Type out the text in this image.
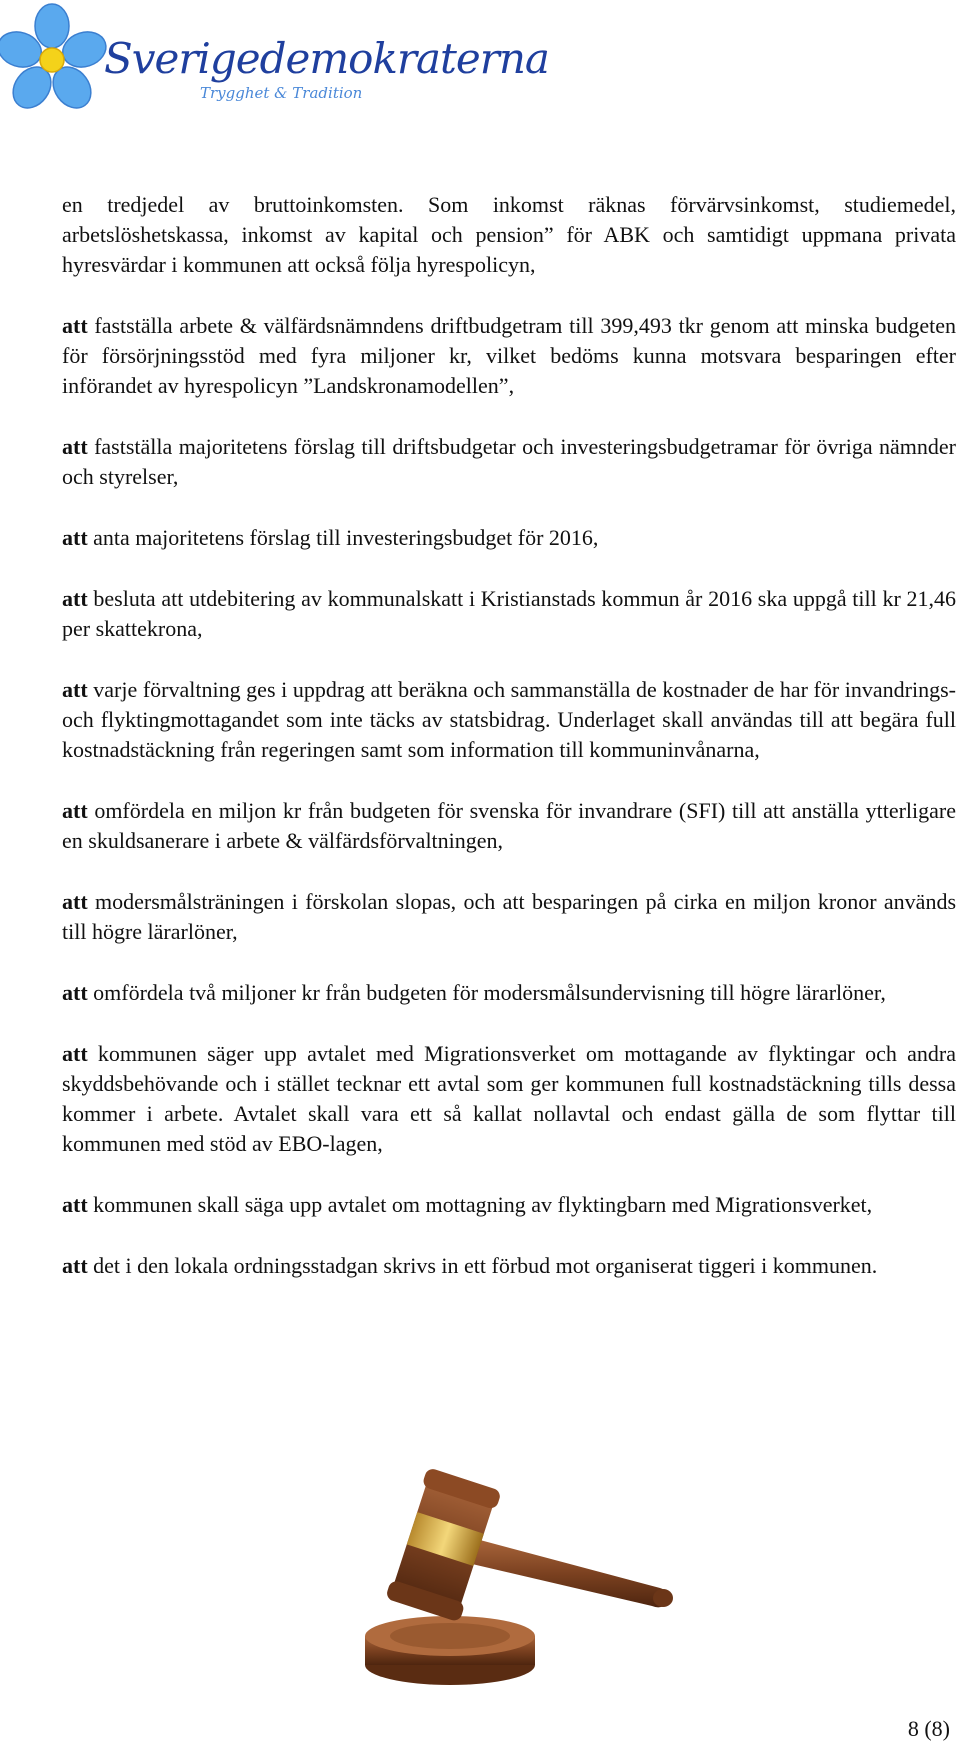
Sverigedemokraterna
Trygghet & Tradition

en tredjedel av bruttoinkomsten. Som inkomst räknas förvärvsinkomst, studiemedel, arbetslöshetskassa, inkomst av kapital och pension” för ABK och samtidigt uppmana privata hyresvärdar i kommunen att också följa hyrespolicyn,

att fastställa arbete & välfärdsnämndens driftbudgetram till 399,493 tkr genom att minska budgeten för försörjningsstöd med fyra miljoner kr, vilket bedöms kunna motsvara besparingen efter införandet av hyrespolicyn ”Landskronamodellen”,

att fastställa majoritetens förslag till driftsbudgetar och investeringsbudgetramar för övriga nämnder och styrelser,

att anta majoritetens förslag till investeringsbudget för 2016,

att besluta att utdebitering av kommunalskatt i Kristianstads kommun år 2016 ska uppgå till kr 21,46 per skattekrona,

att varje förvaltning ges i uppdrag att beräkna och sammanställa de kostnader de har för invandrings- och flyktingmottagandet som inte täcks av statsbidrag. Underlaget skall användas till att begära full kostnadstäckning från regeringen samt som information till kommuninvånarna,

att omfördela en miljon kr från budgeten för svenska för invandrare (SFI) till att anställa ytterligare en skuldsanerare i arbete & välfärdsförvaltningen,

att modersmålsträningen i förskolan slopas, och att besparingen på cirka en miljon kronor används till högre lärarlöner,

att omfördela två miljoner kr från budgeten för modersmålsundervisning till högre lärarlöner,

att kommunen säger upp avtalet med Migrationsverket om mottagande av flyktingar och andra skyddsbehövande och i stället tecknar ett avtal som ger kommunen full kostnadstäckning tills dessa kommer i arbete. Avtalet skall vara ett så kallat nollavtal och endast gälla de som flyttar till kommunen med stöd av EBO-lagen,

att kommunen skall säga upp avtalet om mottagning av flyktingbarn med Migrationsverket,

att det i den lokala ordningsstadgan skrivs in ett förbud mot organiserat tiggeri i kommunen.

8 (8)
